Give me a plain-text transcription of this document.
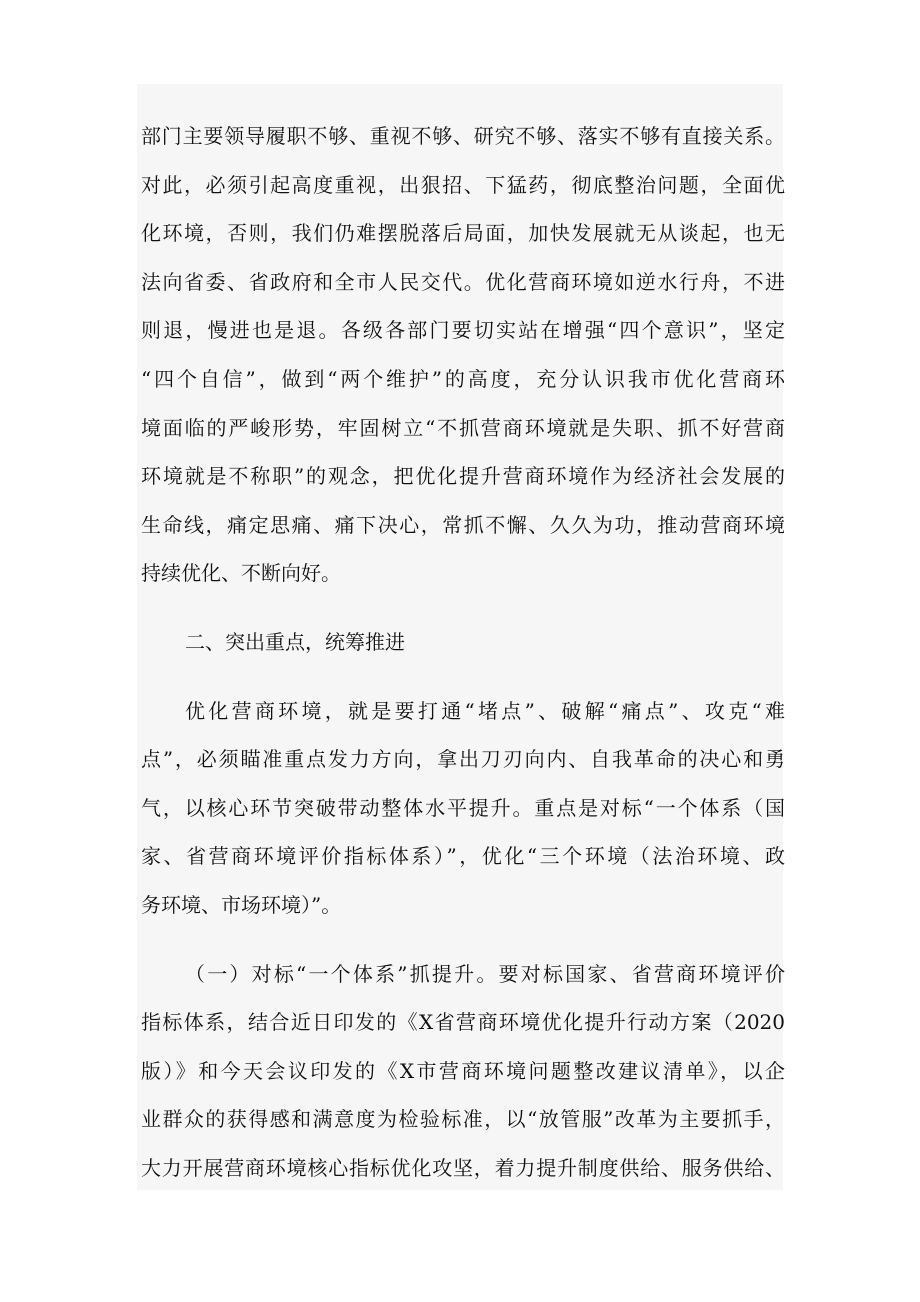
部门主要领导履职不够、重视不够、研究不够、落实不够有直接关系。
对此，必须引起高度重视，出狠招、下猛药，彻底整治问题，全面优
化环境，否则，我们仍难摆脱落后局面，加快发展就无从谈起，也无
法向省委、省政府和全市人民交代。优化营商环境如逆水行舟，不进
则退，慢进也是退。各级各部门要切实站在增强“四个意识”，坚定
“四个自信”，做到“两个维护”的高度，充分认识我市优化营商环
境面临的严峻形势，牢固树立“不抓营商环境就是失职、抓不好营商
环境就是不称职”的观念，把优化提升营商环境作为经济社会发展的
生命线，痛定思痛、痛下决心，常抓不懈、久久为功，推动营商环境
持续优化、不断向好。
二、突出重点，统筹推进
优化营商环境，就是要打通“堵点”、破解“痛点”、攻克“难
点”，必须瞄准重点发力方向，拿出刀刃向内、自我革命的决心和勇
气，以核心环节突破带动整体水平提升。重点是对标“一个体系（国
家、省营商环境评价指标体系）”，优化“三个环境（法治环境、政
务环境、市场环境）”。
（一）对标“一个体系”抓提升。要对标国家、省营商环境评价
指标体系，结合近日印发的《X省营商环境优化提升行动方案（2020
版）》和今天会议印发的《X市营商环境问题整改建议清单》，以企
业群众的获得感和满意度为检验标准，以“放管服”改革为主要抓手，
大力开展营商环境核心指标优化攻坚，着力提升制度供给、服务供给、
